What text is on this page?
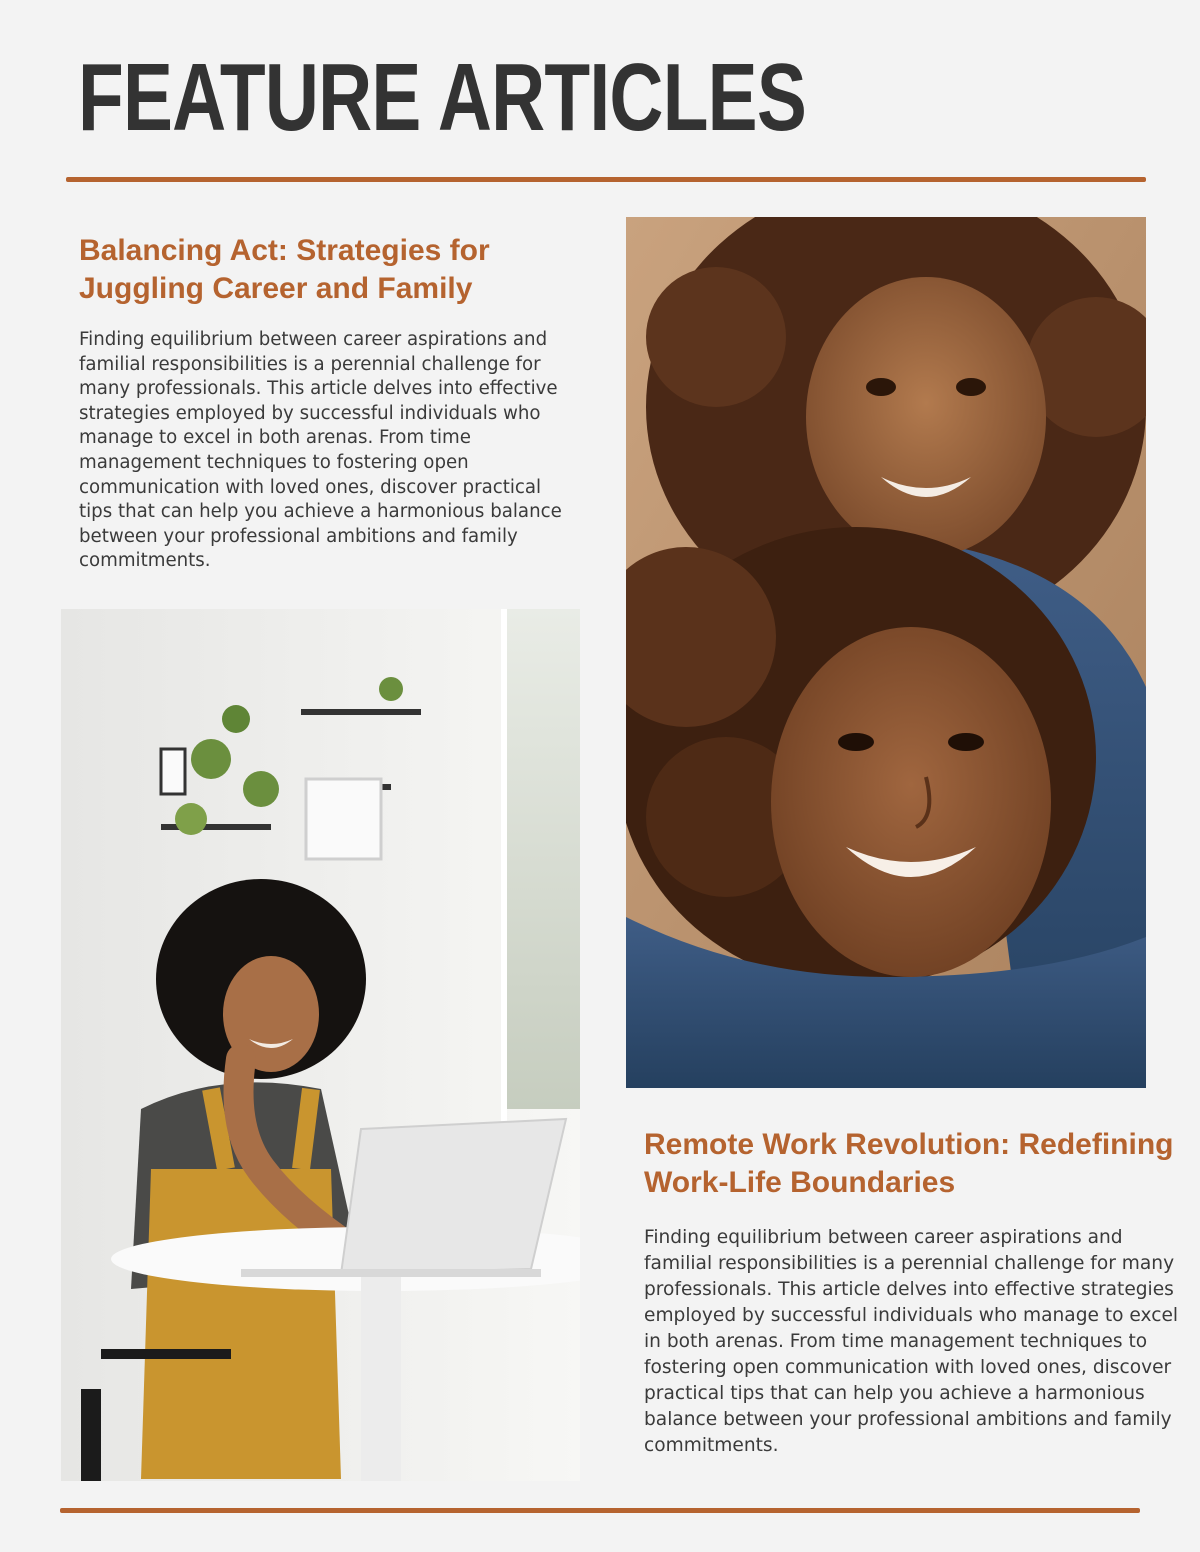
FEATURE ARTICLES
Balancing Act: Strategies for Juggling Career and Family

Finding equilibrium between career aspirations and familial responsibilities is a perennial challenge for many professionals. This article delves into effective strategies employed by successful individuals who manage to excel in both arenas. From time management techniques to fostering open communication with loved ones, discover practical tips that can help you achieve a harmonious balance between your professional ambitions and family commitments.

Remote Work Revolution: Redefining Work-Life Boundaries

Finding equilibrium between career aspirations and familial responsibilities is a perennial challenge for many professionals. This article delves into effective strategies employed by successful individuals who manage to excel in both arenas. From time management techniques to fostering open communication with loved ones, discover practical tips that can help you achieve a harmonious balance between your professional ambitions and family commitments.
